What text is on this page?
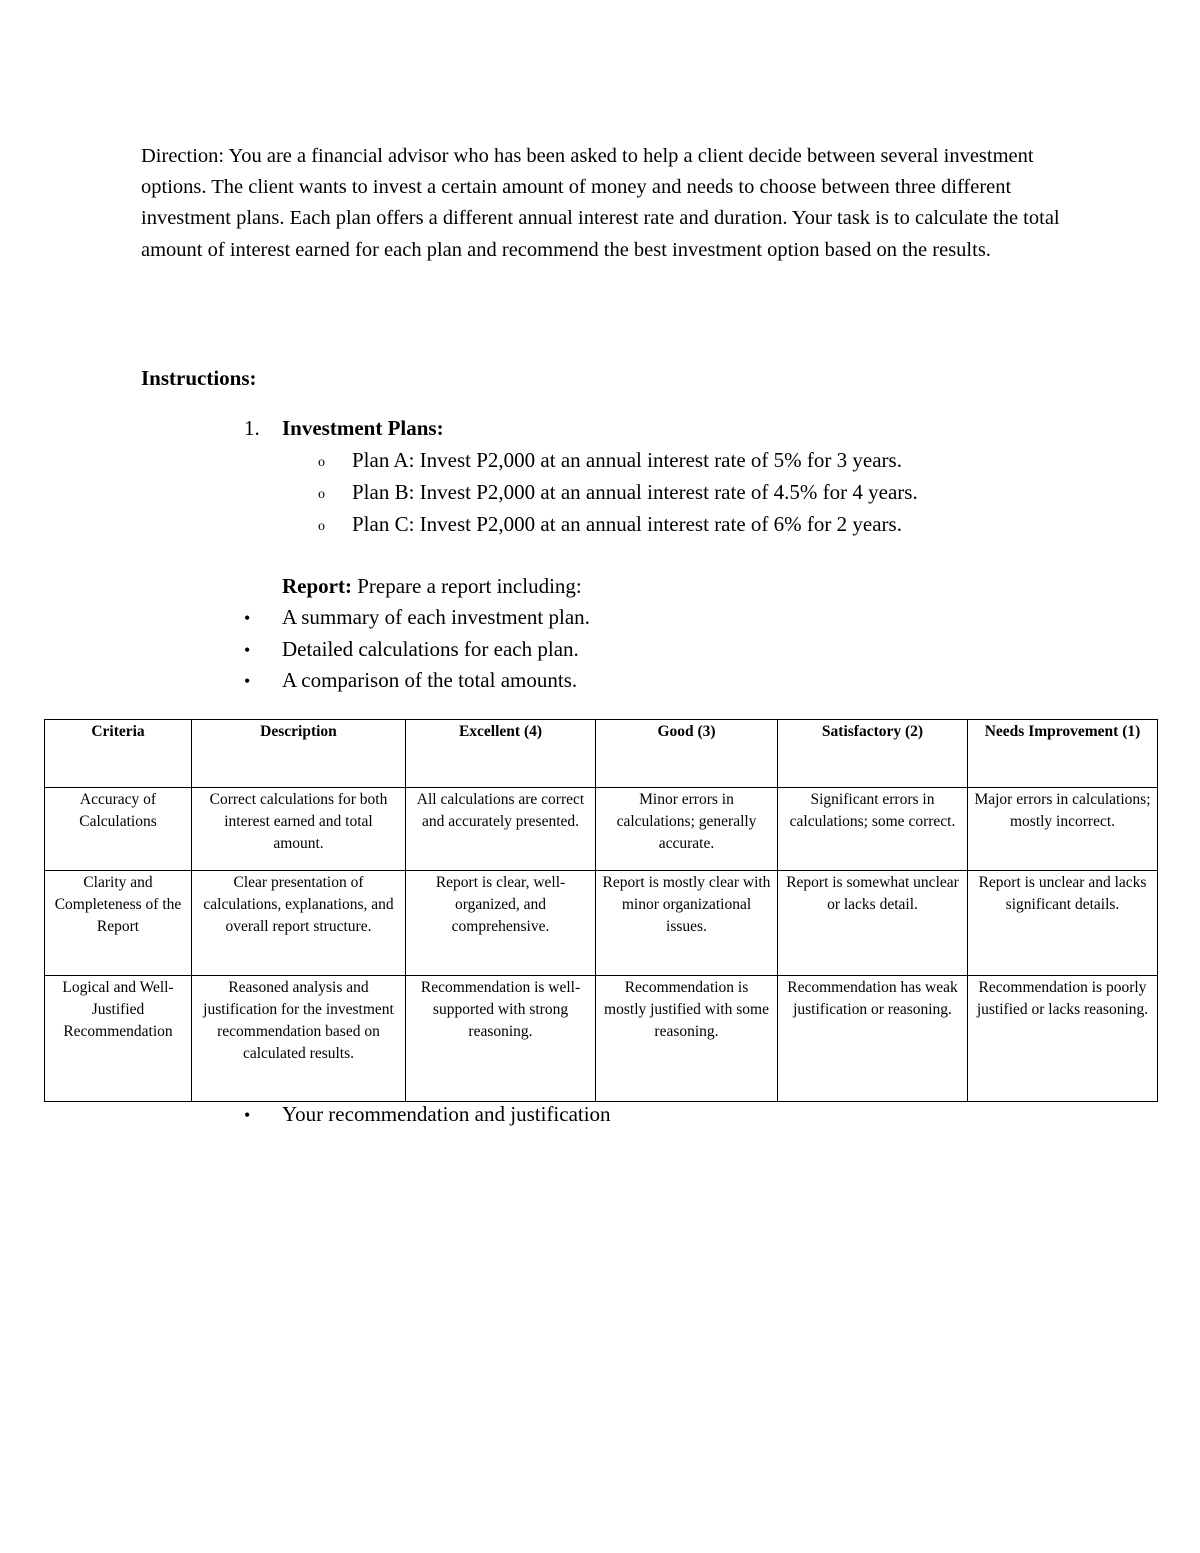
Direction: You are a financial advisor who has been asked to help a client decide between several investment options. The client wants to invest a certain amount of money and needs to choose between three different investment plans. Each plan offers a different annual interest rate and duration. Your task is to calculate the total amount of interest earned for each plan and recommend the best investment option based on the results.

Instructions:

1.	Investment Plans:
o	Plan A: Invest P2,000 at an annual interest rate of 5% for 3 years.
o	Plan B: Invest P2,000 at an annual interest rate of 4.5% for 4 years.
o	Plan C: Invest P2,000 at an annual interest rate of 6% for 2 years.
Report: Prepare a report including:
•	A summary of each investment plan.
•	Detailed calculations for each plan.
•	A comparison of the total amounts.
Criteria	Description	Excellent (4)	Good (3)	Satisfactory (2)	Needs Improvement (1)
Accuracy of Calculations	Correct calculations for both interest earned and total amount.	All calculations are correct and accurately presented.	Minor errors in calculations; generally accurate.	Significant errors in calculations; some correct.	Major errors in calculations; mostly incorrect.
Clarity and Completeness of the Report	Clear presentation of calculations, explanations, and overall report structure.	Report is clear, well-organized, and comprehensive.	Report is mostly clear with minor organizational issues.	Report is somewhat unclear or lacks detail.	Report is unclear and lacks significant details.
Logical and Well-Justified Recommendation	Reasoned analysis and justification for the investment recommendation based on calculated results.	Recommendation is well-supported with strong reasoning.	Recommendation is mostly justified with some reasoning.	Recommendation has weak justification or reasoning.	Recommendation is poorly justified or lacks reasoning.
•	Your recommendation and justification
